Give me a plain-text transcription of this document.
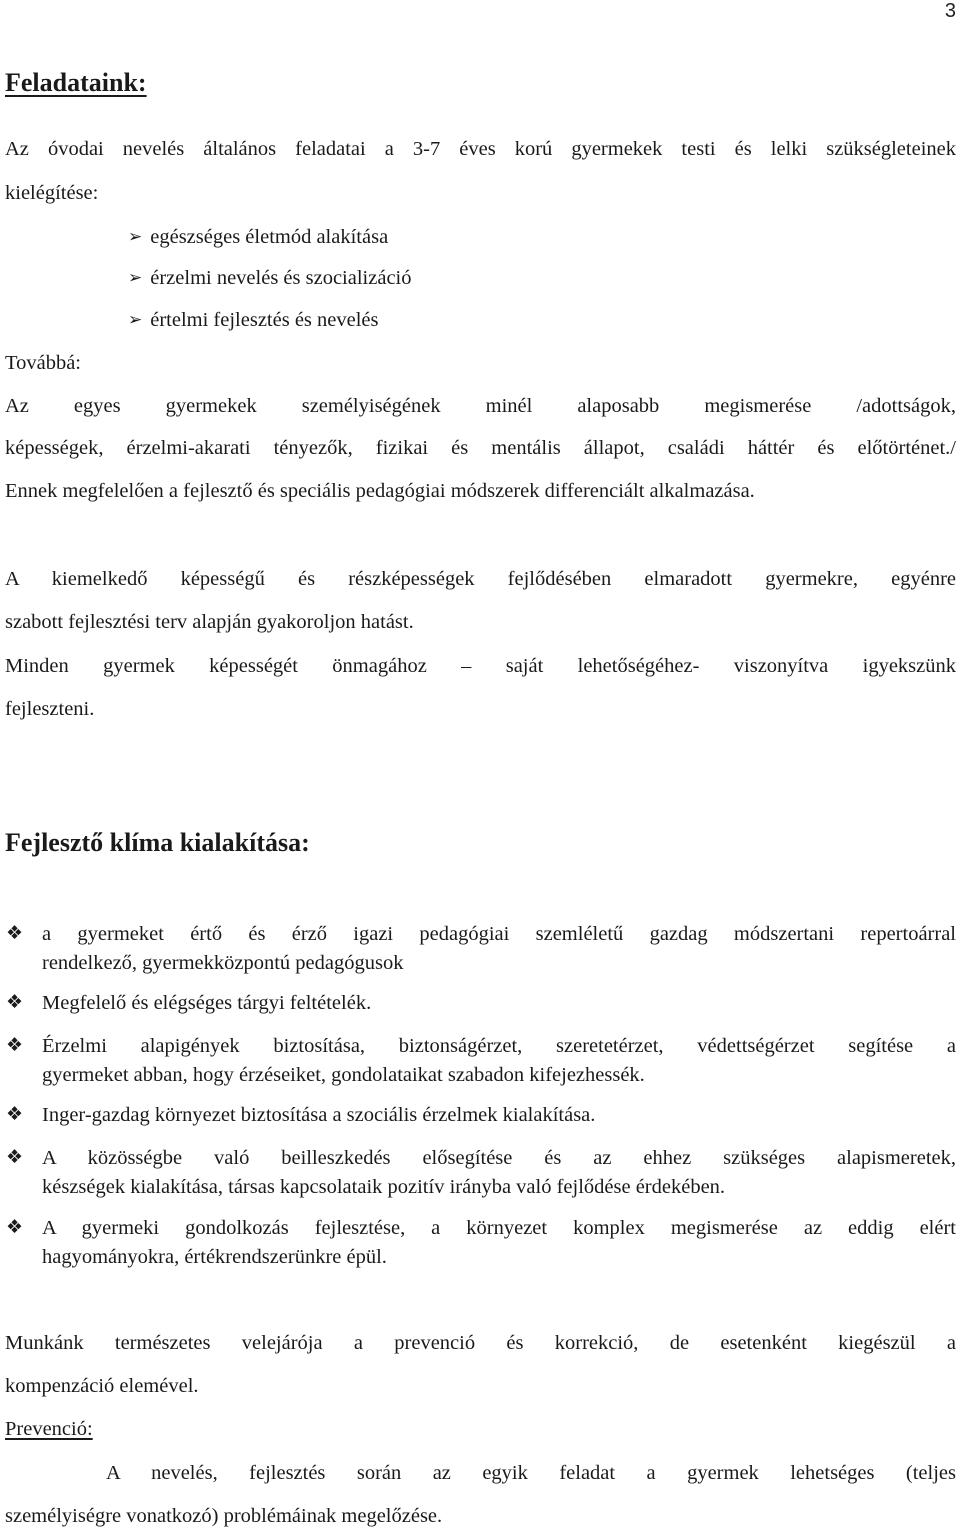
3
Feladataink:
Az óvodai nevelés általános feladatai a 3-7 éves korú gyermekek testi és lelki szükségleteinek
kielégítése:
➢ egészséges életmód alakítása
➢ érzelmi nevelés és szocializáció
➢ értelmi fejlesztés és nevelés
Továbbá:
Az egyes gyermekek személyiségének minél alaposabb megismerése /adottságok,
képességek, érzelmi-akarati tényezők, fizikai és mentális állapot, családi háttér és előtörténet./
Ennek megfelelően a fejlesztő és speciális pedagógiai módszerek differenciált alkalmazása.
A kiemelkedő képességű és részképességek fejlődésében elmaradott gyermekre, egyénre
szabott fejlesztési terv alapján gyakoroljon hatást.
Minden gyermek képességét önmagához – saját lehetőségéhez- viszonyítva igyekszünk
fejleszteni.
Fejlesztő klíma kialakítása:
❖ a gyermeket értő és érző igazi pedagógiai szemléletű gazdag módszertani repertoárral
rendelkező, gyermekközpontú pedagógusok
❖ Megfelelő és elégséges tárgyi feltételék.
❖ Érzelmi alapigények biztosítása, biztonságérzet, szeretetérzet, védettségérzet segítése a
gyermeket abban, hogy érzéseiket, gondolataikat szabadon kifejezhessék.
❖ Inger-gazdag környezet biztosítása a szociális érzelmek kialakítása.
❖ A közösségbe való beilleszkedés elősegítése és az ehhez szükséges alapismeretek,
készségek kialakítása, társas kapcsolataik pozitív irányba való fejlődése érdekében.
❖ A gyermeki gondolkozás fejlesztése, a környezet komplex megismerése az eddig elért
hagyományokra, értékrendszerünkre épül.
Munkánk természetes velejárója a prevenció és korrekció, de esetenként kiegészül a
kompenzáció elemével.
Prevenció:
A nevelés, fejlesztés során az egyik feladat a gyermek lehetséges (teljes
személyiségre vonatkozó) problémáinak megelőzése.
